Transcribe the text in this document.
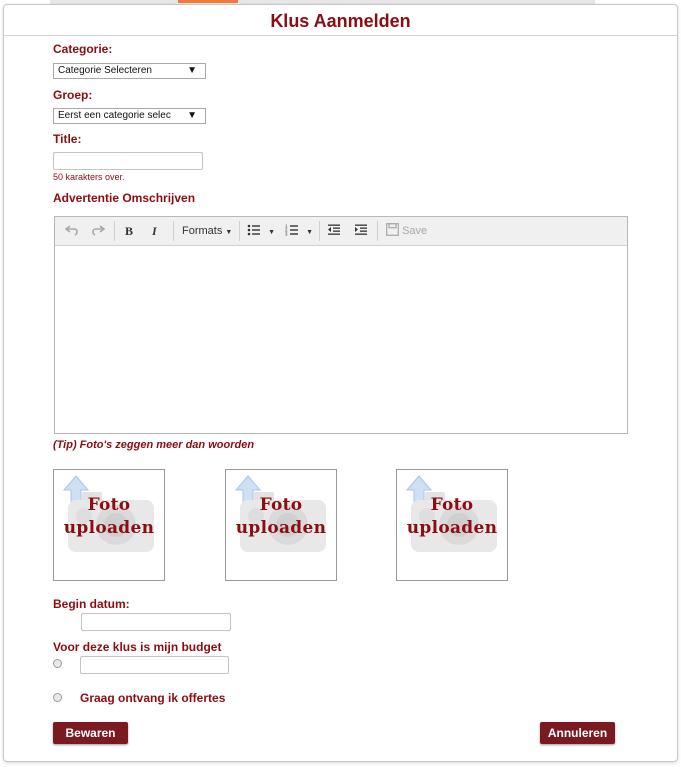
Klus Aanmelden
Categorie:
Categorie Selecteren	▼
Groep:
Eerst een categorie selec ▼
Title:
50 karakters over.
Advertentie Omschrijven
B I Formats ▼	▼
1
2
3	▼	Save
(Tip) Foto's zeggen meer dan woorden
Foto
uploaden
Foto
uploaden
Foto
uploaden
Begin datum:
Voor deze klus is mijn budget
Graag ontvang ik offertes
Bewaren	Annuleren
